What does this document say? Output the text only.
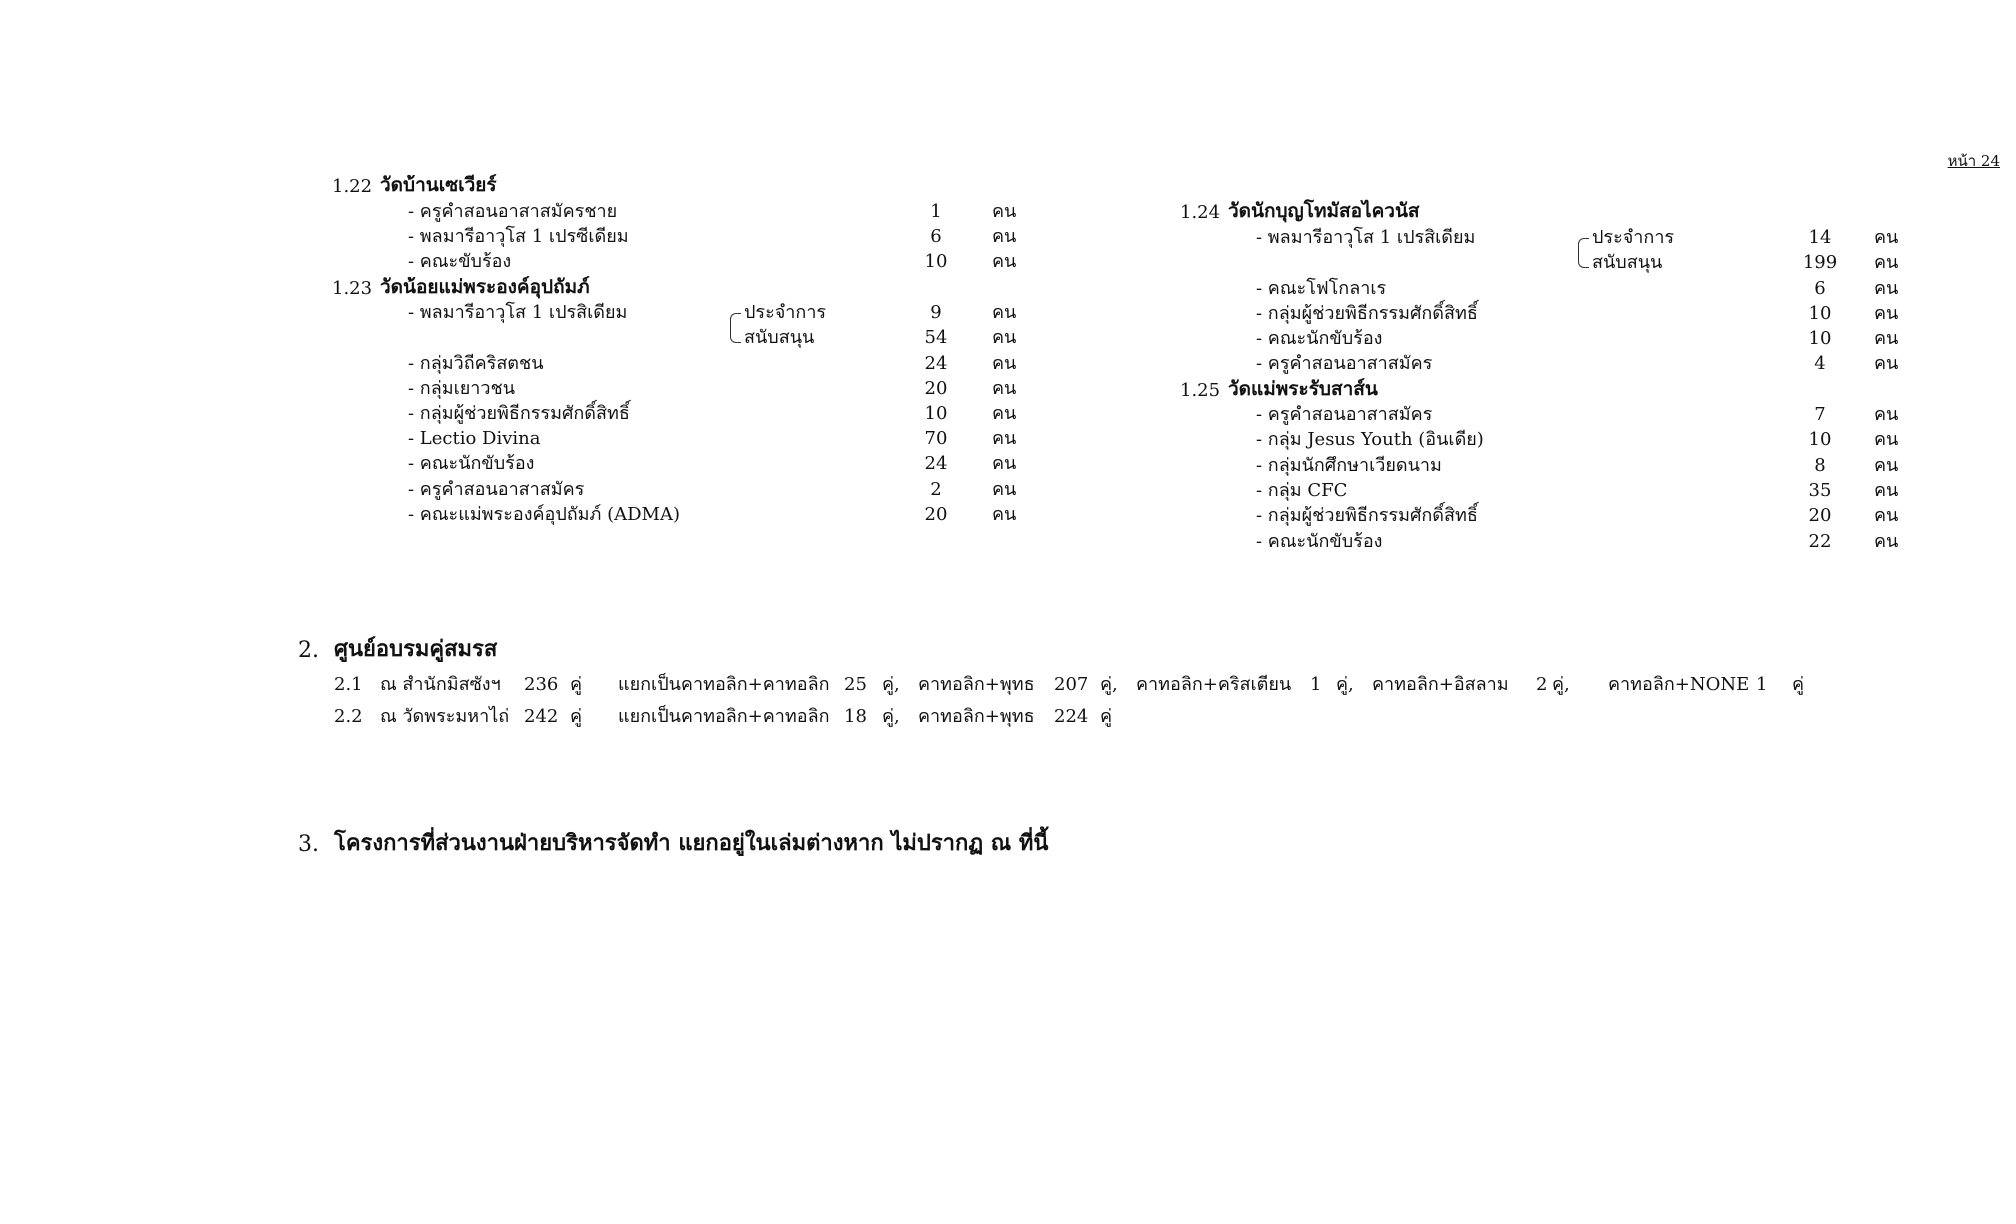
หน้า 24
1.22 วัดบ้านเซเวียร์
- ครูคำสอนอาสาสมัครชาย	1	คน
- พลมารีอาวุโส 1 เปรซีเดียม	6	คน
- คณะขับร้อง	10	คน
1.23 วัดน้อยแม่พระองค์อุปถัมภ์
- พลมารีอาวุโส 1 เปรสิเดียม	ประจำการ	9	คน
สนับสนุน	54	คน
- กลุ่มวิถีคริสตชน	24	คน
- กลุ่มเยาวชน	20	คน
- กลุ่มผู้ช่วยพิธีกรรมศักดิ์สิทธิ์	10	คน
- Lectio Divina	70	คน
- คณะนักขับร้อง	24	คน
- ครูคำสอนอาสาสมัคร	2	คน
- คณะแม่พระองค์อุปถัมภ์ (ADMA)	20	คน
1.24 วัดนักบุญโทมัสอไควนัส
- พลมารีอาวุโส 1 เปรสิเดียม	ประจำการ	14	คน
สนับสนุน	199 คน
- คณะโฟโกลาเร	6	คน
- กลุ่มผู้ช่วยพิธีกรรมศักดิ์สิทธิ์	10	คน
- คณะนักขับร้อง	10	คน
- ครูคำสอนอาสาสมัคร	4	คน
1.25 วัดแม่พระรับสาส์น
- ครูคำสอนอาสาสมัคร	7	คน
- กลุ่ม Jesus Youth (อินเดีย)	10	คน
- กลุ่มนักศึกษาเวียดนาม	8	คน
- กลุ่ม CFC	35	คน
- กลุ่มผู้ช่วยพิธีกรรมศักดิ์สิทธิ์	20	คน
- คณะนักขับร้อง	22	คน
2. ศูนย์อบรมคู่สมรส
2.1 ณ สำนักมิสซังฯ 236 คู่ แยกเป็นคาทอลิก+คาทอลิก 25 คู่, คาทอลิก+พุทธ 207 คู่, คาทอลิก+คริสเตียน 1 คู่, คาทอลิก+อิสลาม 2 คู่, คาทอลิก+NONE 1 คู่
2.2 ณ วัดพระมหาไถ่ 242 คู่ แยกเป็นคาทอลิก+คาทอลิก 18 คู่, คาทอลิก+พุทธ 224 คู่
3. โครงการที่ส่วนงานฝ่ายบริหารจัดทำ แยกอยู่ในเล่มต่างหาก ไม่ปรากฏ ณ ที่นี้
